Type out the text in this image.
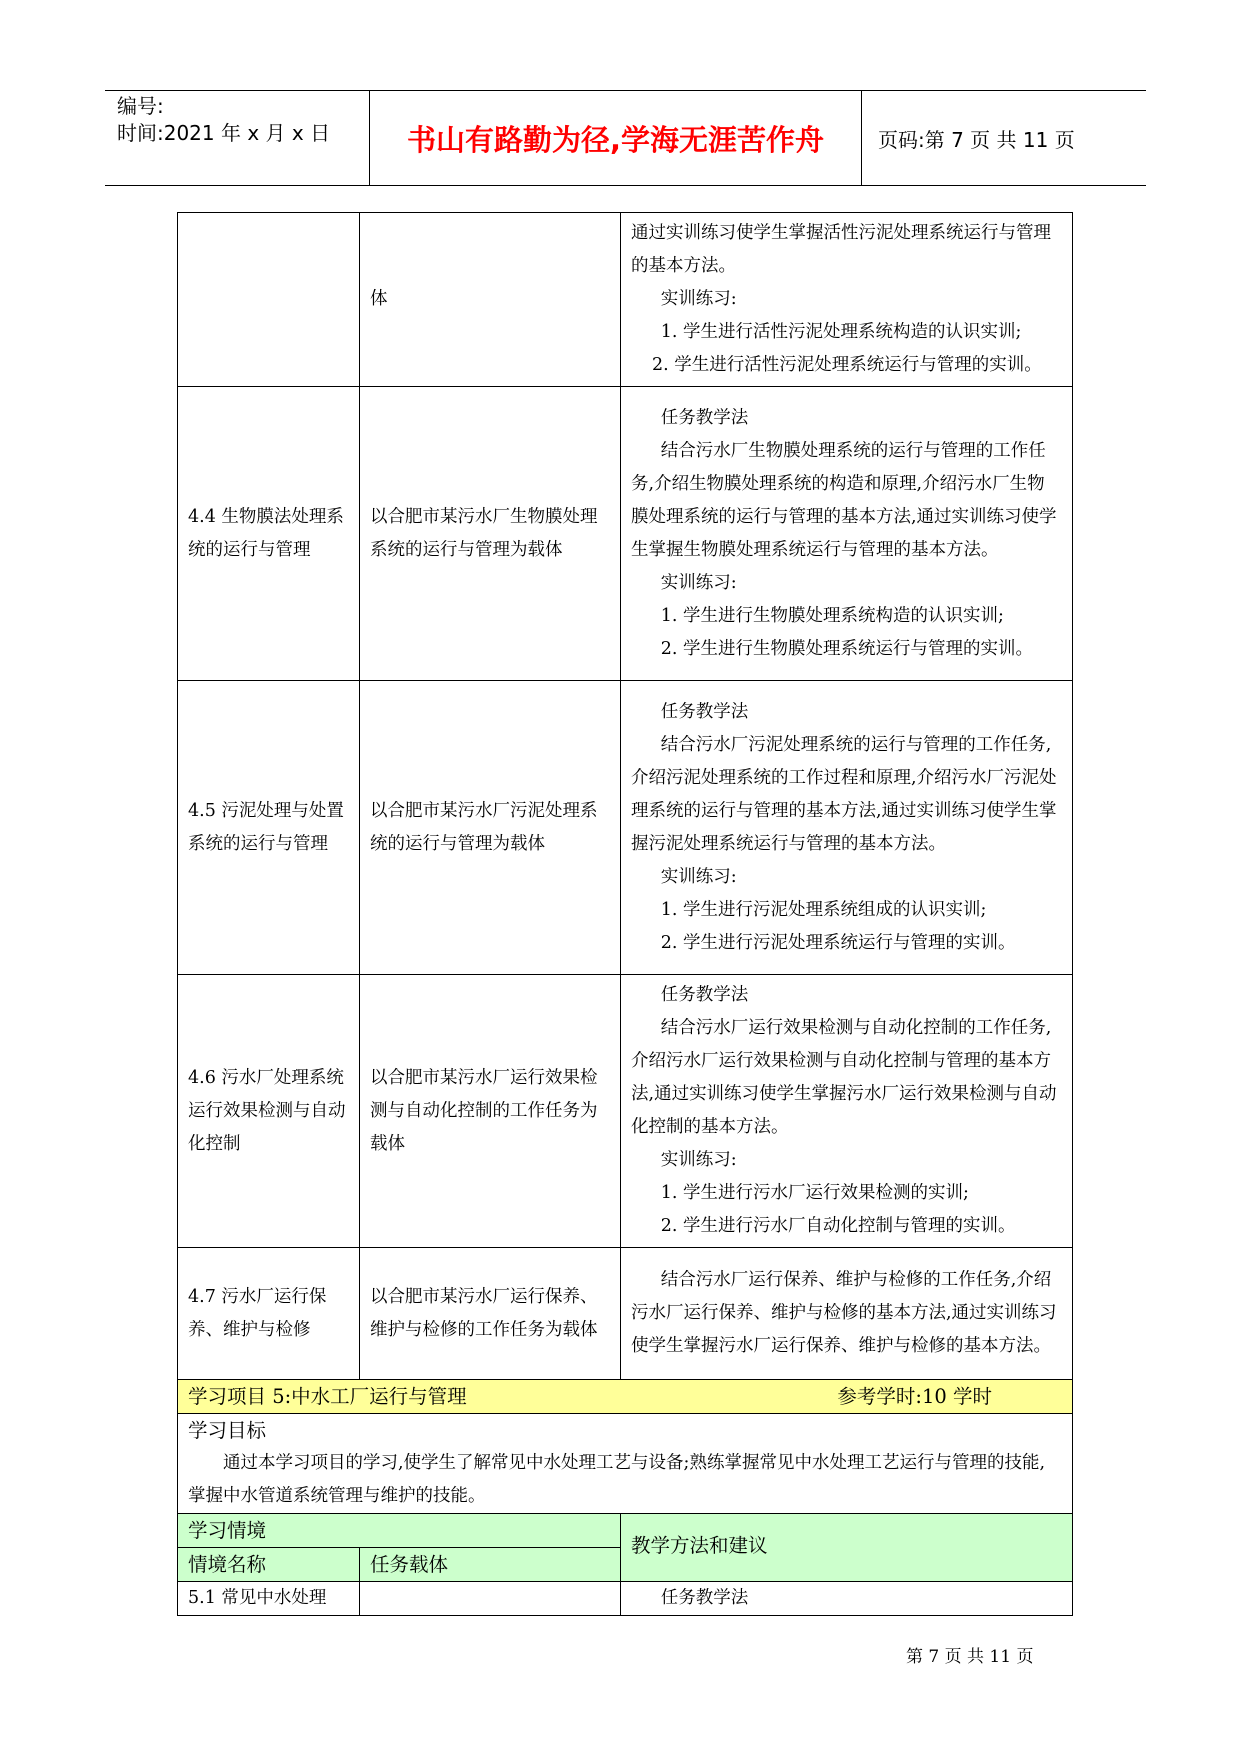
编号:
时间:2021 年 x 月 x 日	书山有路勤为径,学海无涯苦作舟	页码:第 7 页 共 11 页
	体	通过实训练习使学生掌握活性污泥处理系统运行与管理的基本方法。
实训练习:
1. 学生进行活性污泥处理系统构造的认识实训;
2. 学生进行活性污泥处理系统运行与管理的实训。

4.4 生物膜法处理系统的运行与管理	以合肥市某污水厂生物膜处理系统的运行与管理为载体	任务教学法
结合污水厂生物膜处理系统的运行与管理的工作任务,介绍生物膜处理系统的构造和原理,介绍污水厂生物膜处理系统的运行与管理的基本方法,通过实训练习使学生掌握生物膜处理系统运行与管理的基本方法。
实训练习:
1. 学生进行生物膜处理系统构造的认识实训;
2. 学生进行生物膜处理系统运行与管理的实训。

4.5 污泥处理与处置系统的运行与管理	以合肥市某污水厂污泥处理系统的运行与管理为载体	任务教学法
结合污水厂污泥处理系统的运行与管理的工作任务,介绍污泥处理系统的工作过程和原理,介绍污水厂污泥处理系统的运行与管理的基本方法,通过实训练习使学生掌握污泥处理系统运行与管理的基本方法。
实训练习:
1. 学生进行污泥处理系统组成的认识实训;
2. 学生进行污泥处理系统运行与管理的实训。

4.6 污水厂处理系统运行效果检测与自动化控制	以合肥市某污水厂运行效果检测与自动化控制的工作任务为载体	任务教学法
结合污水厂运行效果检测与自动化控制的工作任务,介绍污水厂运行效果检测与自动化控制与管理的基本方法,通过实训练习使学生掌握污水厂运行效果检测与自动化控制的基本方法。
实训练习:
1. 学生进行污水厂运行效果检测的实训;
2. 学生进行污水厂自动化控制与管理的实训。

4.7 污水厂运行保养、维护与检修	以合肥市某污水厂运行保养、维护与检修的工作任务为载体	结合污水厂运行保养、维护与检修的工作任务,介绍污水厂运行保养、维护与检修的基本方法,通过实训练习使学生掌握污水厂运行保养、维护与检修的基本方法。

学习项目 5:中水工厂运行与管理 参考学时:10 学时		

学习目标
通过本学习项目的学习,使学生了解常见中水处理工艺与设备;熟练掌握常见中水处理工艺运行与管理的技能,掌握中水管道系统管理与维护的技能。		

学习情境		教学方法和建议
情境名称	任务载体	
5.1 常见中水处理		任务教学法
第 7 页 共 11 页
